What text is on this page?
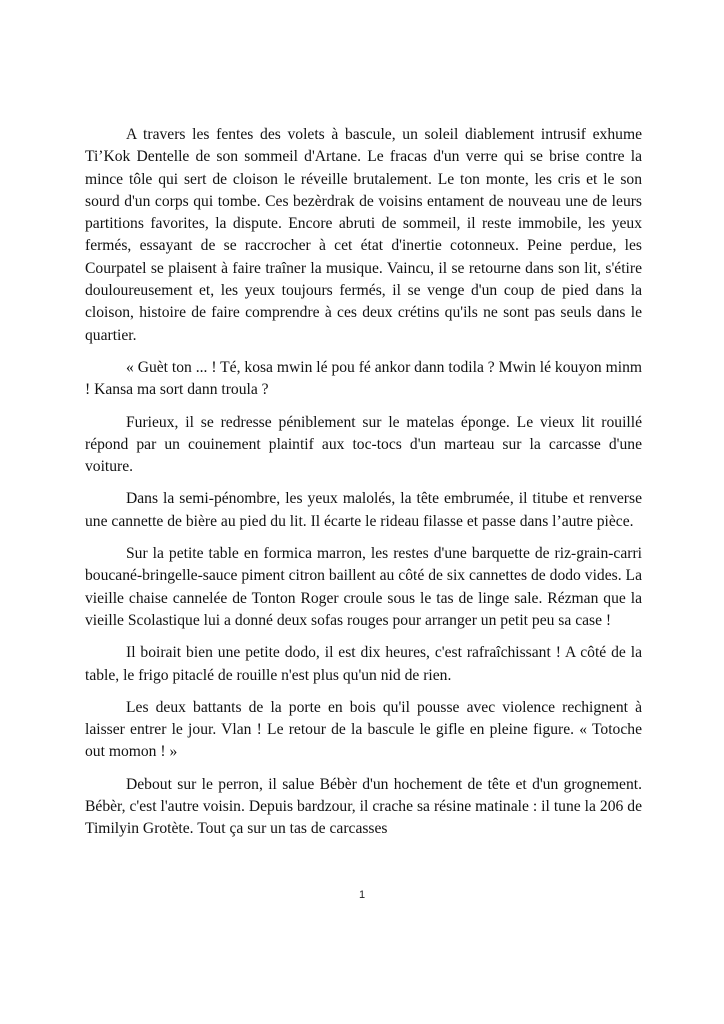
A travers les fentes des volets à bascule, un soleil diablement intrusif exhume Ti’Kok Dentelle de son sommeil d'Artane. Le fracas d'un verre qui se brise contre la mince tôle qui sert de cloison le réveille brutalement. Le ton monte, les cris et le son sourd d'un corps qui tombe. Ces bezèrdrak de voisins entament de nouveau une de leurs partitions favorites, la dispute. Encore abruti de sommeil, il reste immobile, les yeux fermés, essayant de se raccrocher à cet état d'inertie cotonneux. Peine perdue, les Courpatel se plaisent à faire traîner la musique. Vaincu, il se retourne dans son lit, s'étire douloureusement et, les yeux toujours fermés, il se venge d'un coup de pied dans la cloison, histoire de faire comprendre à ces deux crétins qu'ils ne sont pas seuls dans le quartier.

« Guèt ton ... ! Té, kosa mwin lé pou fé ankor dann todila ? Mwin lé kouyon minm ! Kansa ma sort dann troula ?

Furieux, il se redresse péniblement sur le matelas éponge. Le vieux lit rouillé répond par un couinement plaintif aux toc-tocs d'un marteau sur la carcasse d'une voiture.

Dans la semi-pénombre, les yeux malolés, la tête embrumée, il titube et renverse une cannette de bière au pied du lit. Il écarte le rideau filasse et passe dans l’autre pièce.

Sur la petite table en formica marron, les restes d'une barquette de riz-grain-carri boucané-bringelle-sauce piment citron baillent au côté de six cannettes de dodo vides. La vieille chaise cannelée de Tonton Roger croule sous le tas de linge sale. Rézman que la vieille Scolastique lui a donné deux sofas rouges pour arranger un petit peu sa case !

Il boirait bien une petite dodo, il est dix heures, c'est rafraîchissant ! A côté de la table, le frigo pitaclé de rouille n'est plus qu'un nid de rien.

Les deux battants de la porte en bois qu'il pousse avec violence rechignent à laisser entrer le jour. Vlan ! Le retour de la bascule le gifle en pleine figure. « Totoche out momon ! »

Debout sur le perron, il salue Bébèr d'un hochement de tête et d'un grognement. Bébèr, c'est l'autre voisin. Depuis bardzour, il crache sa résine matinale : il tune la 206 de Timilyin Grotète. Tout ça sur un tas de carcasses

1
